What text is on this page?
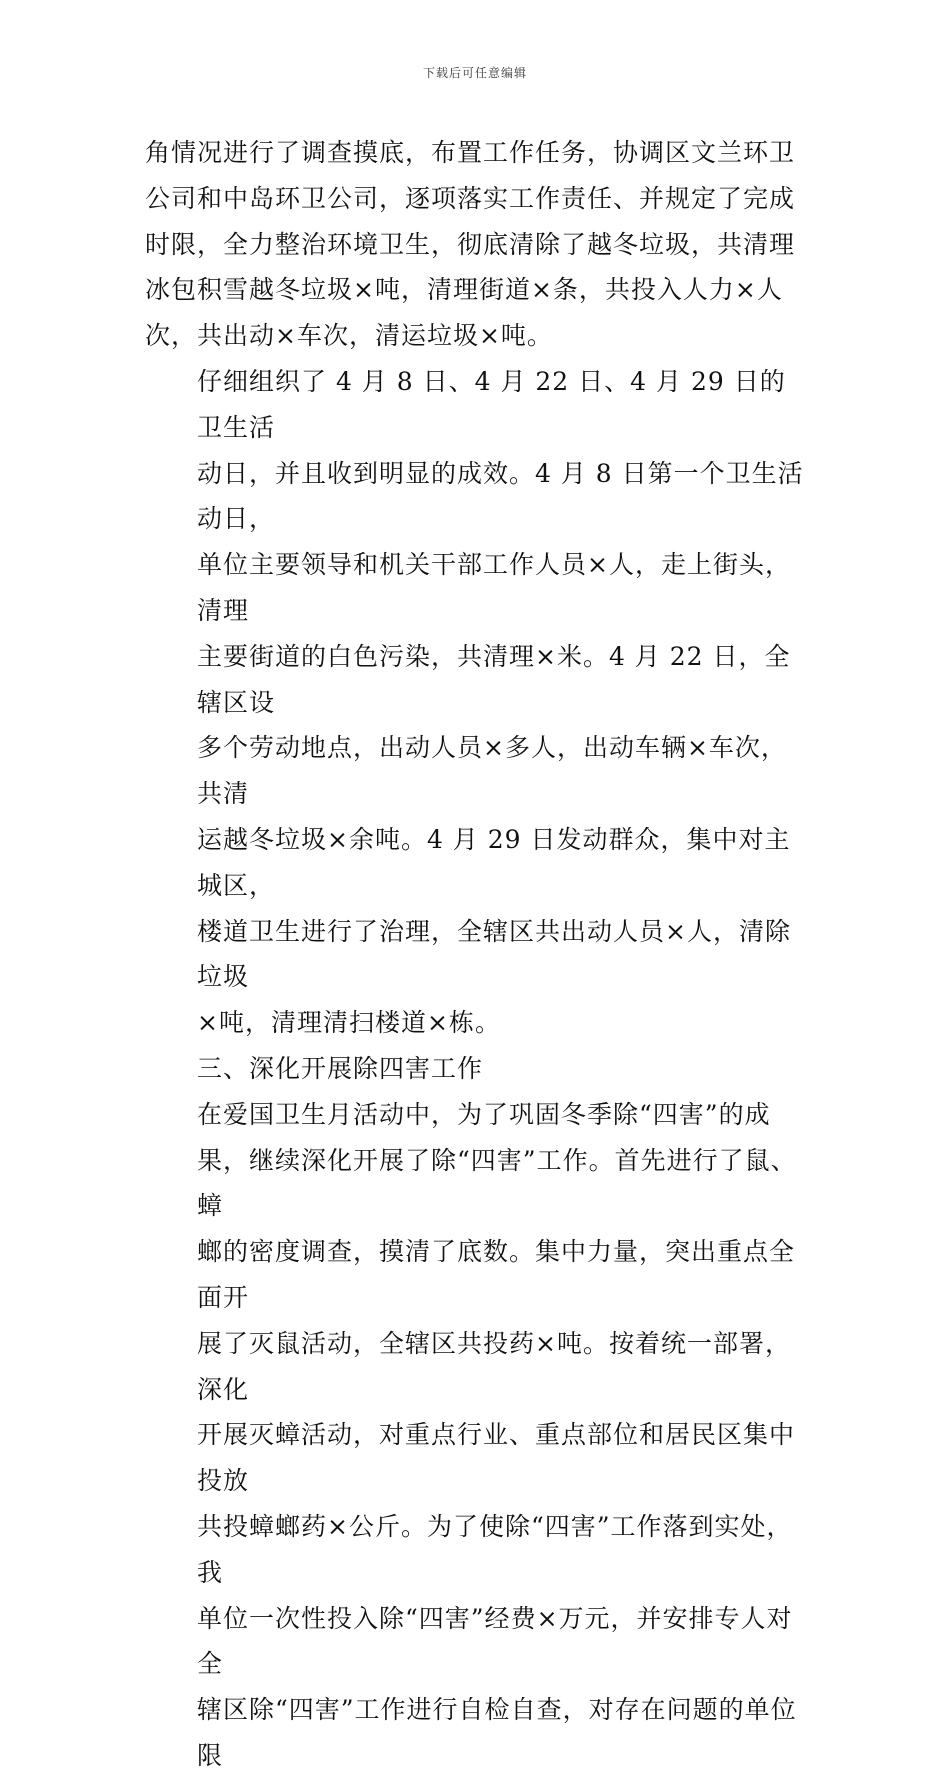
下载后可任意编辑

角情况进行了调查摸底，布置工作任务，协调区文兰环卫
公司和中岛环卫公司，逐项落实工作责任、并规定了完成
时限，全力整治环境卫生，彻底清除了越冬垃圾，共清理
冰包积雪越冬垃圾×吨，清理街道×条，共投入人力×人
次，共出动×车次，清运垃圾×吨。

仔细组织了 4 月 8 日、4 月 22 日、4 月 29 日的卫生活
动日，并且收到明显的成效。4 月 8 日第一个卫生活动日，
单位主要领导和机关干部工作人员×人，走上街头，清理
主要街道的白色污染，共清理×米。4 月 22 日，全辖区设
多个劳动地点，出动人员×多人，出动车辆×车次，共清
运越冬垃圾×余吨。4 月 29 日发动群众，集中对主城区，
楼道卫生进行了治理，全辖区共出动人员×人，清除垃圾
×吨，清理清扫楼道×栋。

三、深化开展除四害工作

在爱国卫生月活动中，为了巩固冬季除“四害”的成
果，继续深化开展了除“四害”工作。首先进行了鼠、蟑
螂的密度调查，摸清了底数。集中力量，突出重点全面开
展了灭鼠活动，全辖区共投药×吨。按着统一部署，深化
开展灭蟑活动，对重点行业、重点部位和居民区集中投放
共投蟑螂药×公斤。为了使除“四害”工作落到实处，我
单位一次性投入除“四害”经费×万元，并安排专人对全
辖区除“四害”工作进行自检自查，对存在问题的单位限
